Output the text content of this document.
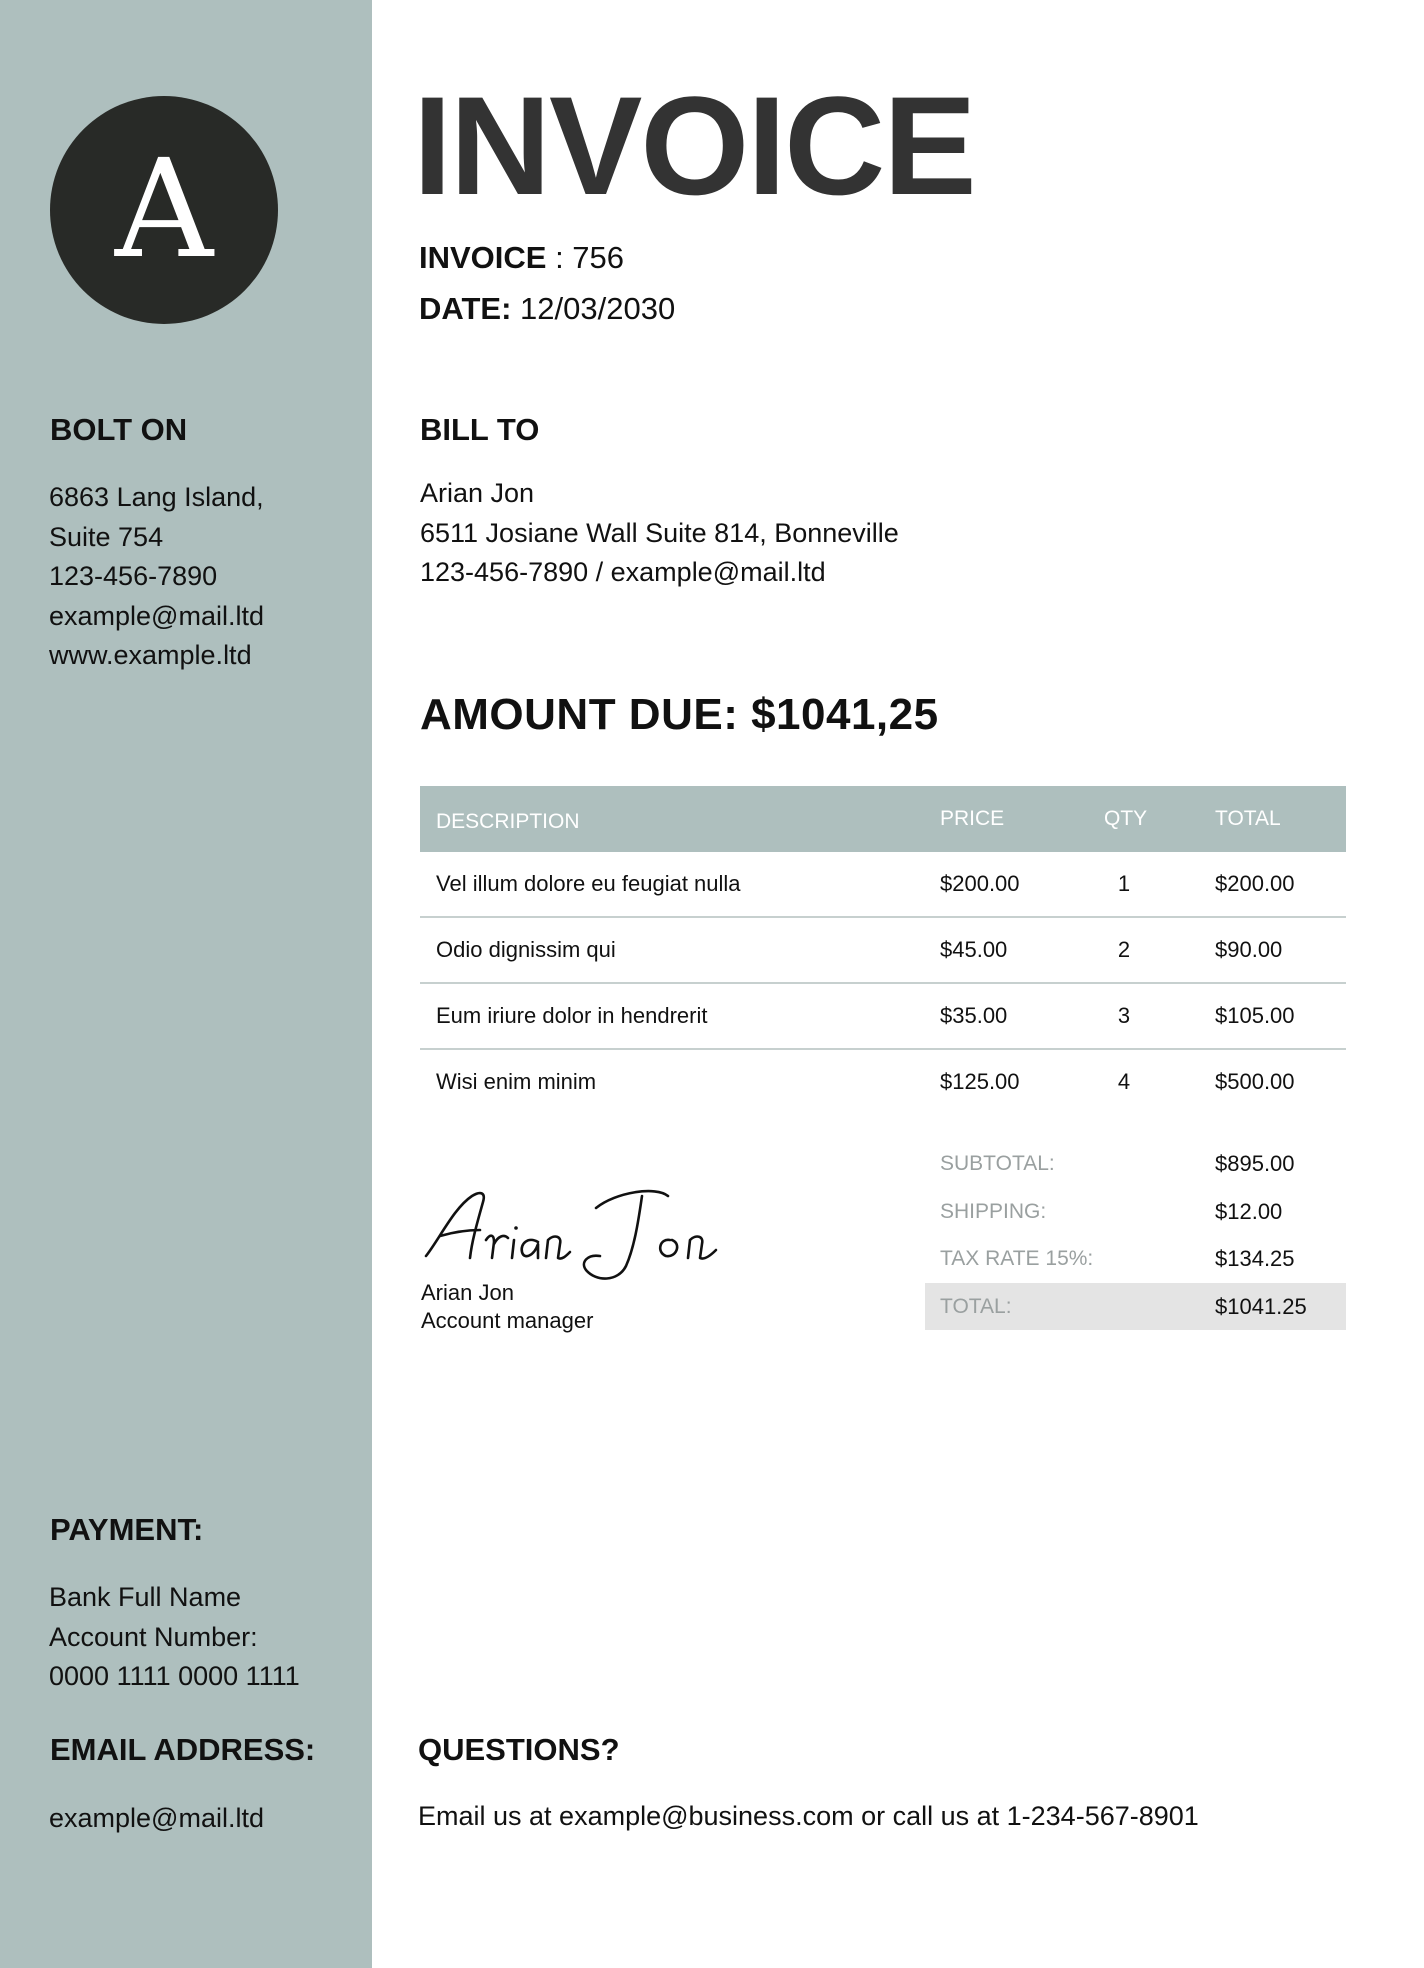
A
BOLT ON
6863 Lang Island,
Suite 754
123-456-7890
example@mail.ltd
www.example.ltd
PAYMENT:
Bank Full Name
Account Number:
0000 1111 0000 1111
EMAIL ADDRESS:
example@mail.ltd
INVOICE
INVOICE : 756
DATE: 12/03/2030
BILL TO
Arian Jon
6511 Josiane Wall Suite 814, Bonneville
123-456-7890 / example@mail.ltd
AMOUNT DUE: $1041,25
DESCRIPTION	PRICE	QTY	TOTAL
Vel illum dolore eu feugiat nulla	$200.00	1	$200.00
Odio dignissim qui	$45.00	2	$90.00
Eum iriure dolor in hendrerit	$35.00	3	$105.00
Wisi enim minim	$125.00	4	$500.00
SUBTOTAL:	$895.00
SHIPPING:	$12.00
TAX RATE 15%:	$134.25
TOTAL:	$1041.25
Arian Jon
Account manager
QUESTIONS?
Email us at example@business.com or call us at 1-234-567-8901
